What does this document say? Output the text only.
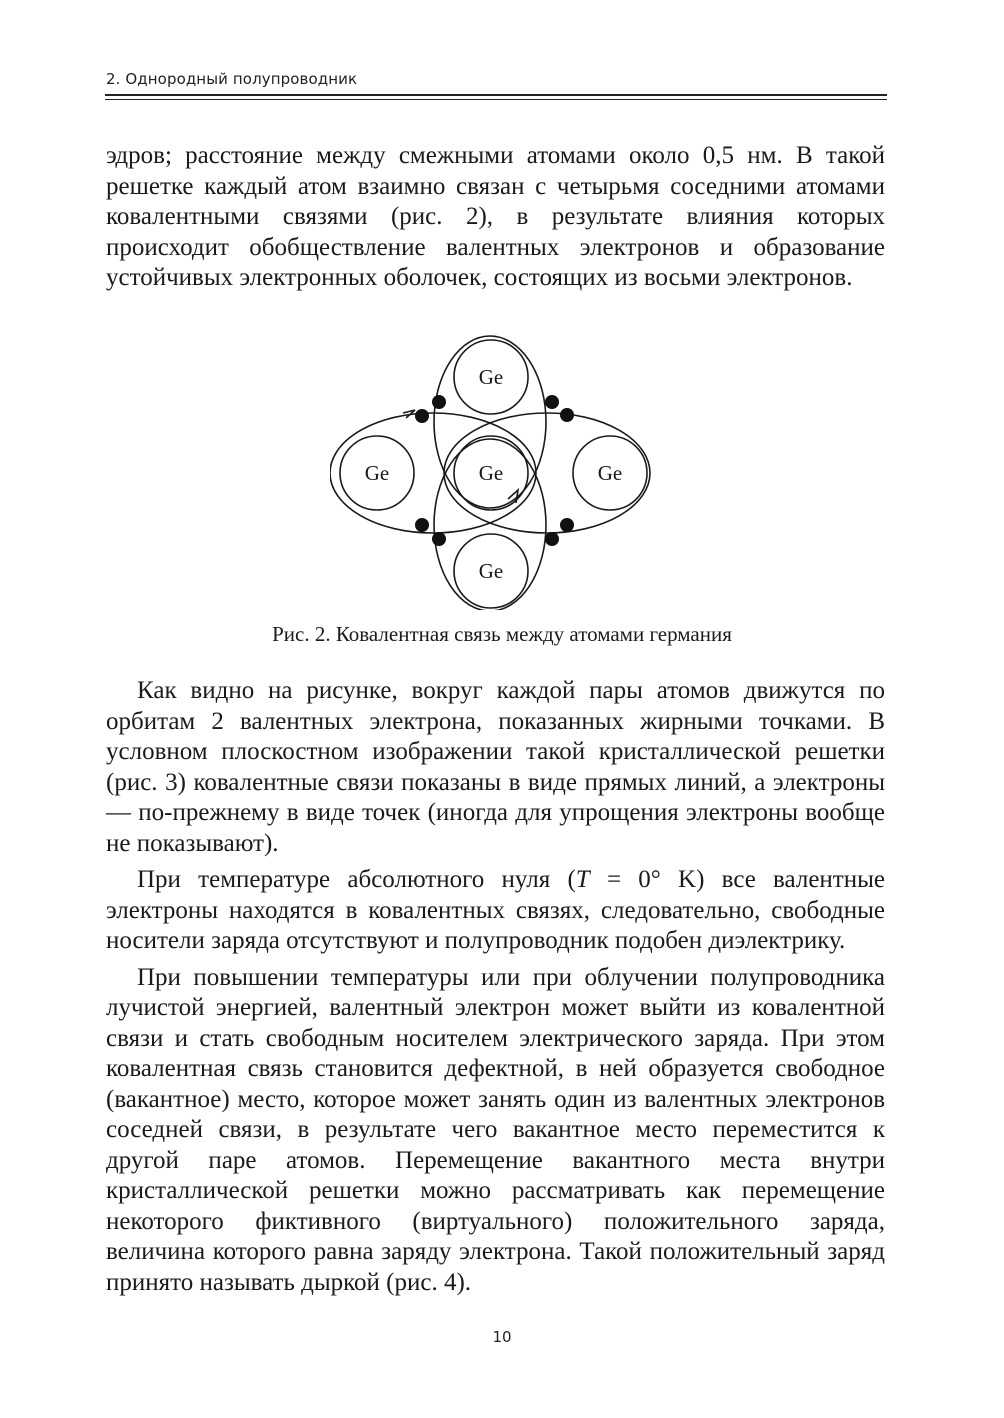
2. Однородный полупроводник

эдров; расстояние между смежными атомами около 0,5 нм. В такой решетке каждый атом взаимно связан с четырьмя соседними атомами ковалентными связями (рис. 2), в результате влияния которых происходит обобществление валентных электронов и образование устойчивых электронных оболочек, состоящих из восьми электронов.

Ge
Ge	Ge	Ge
Ge
Рис. 2. Ковалентная связь между атомами германия

Как видно на рисунке, вокруг каждой пары атомов движутся по орбитам 2 валентных электрона, показанных жирными точками. В условном плоскостном изображении такой кристаллической решетки (рис. 3) ковалентные связи показаны в виде прямых линий, а электроны — по-прежнему в виде точек (иногда для упрощения электроны вообще не показывают).

При температуре абсолютного нуля (T = 0° K) все валентные электроны находятся в ковалентных связях, следовательно, свободные носители заряда отсутствуют и полупроводник подобен диэлектрику.

При повышении температуры или при облучении полупроводника лучистой энергией, валентный электрон может выйти из ковалентной связи и стать свободным носителем электрического заряда. При этом ковалентная связь становится дефектной, в ней образуется свободное (вакантное) место, которое может занять один из валентных электронов соседней связи, в результате чего вакантное место переместится к другой паре атомов. Перемещение вакантного места внутри кристаллической решетки можно рассматривать как перемещение некоторого фиктивного (виртуального) положительного заряда, величина которого равна заряду электрона. Такой положительный заряд принято называть дыркой (рис. 4).

10
